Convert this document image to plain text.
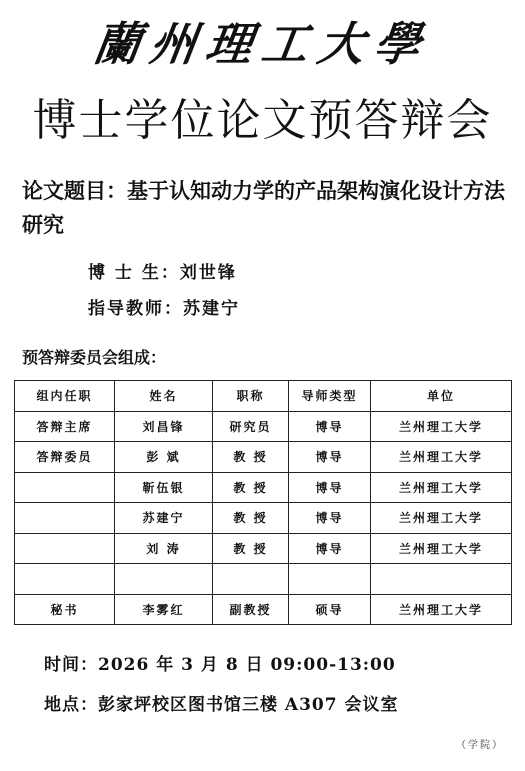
蘭州理工大學
博士学位论文预答辩会
论文题目：基于认知动力学的产品架构演化设计方法研究
博 士 生：刘世锋
指导教师：苏建宁
预答辩委员会组成：
组内任职	姓名	职称	导师类型	单位
答辩主席	刘昌锋	研究员	博导	兰州理工大学
答辩委员	彭 斌	教 授	博导	兰州理工大学
	靳伍银	教 授	博导	兰州理工大学
	苏建宁	教 授	博导	兰州理工大学
	刘 涛	教 授	博导	兰州理工大学

秘书	李雾红	副教授	硕导	兰州理工大学
时间：2026 年 3 月 8 日 09:00-13:00
地点：彭家坪校区图书馆三楼 A307 会议室
（学院）
